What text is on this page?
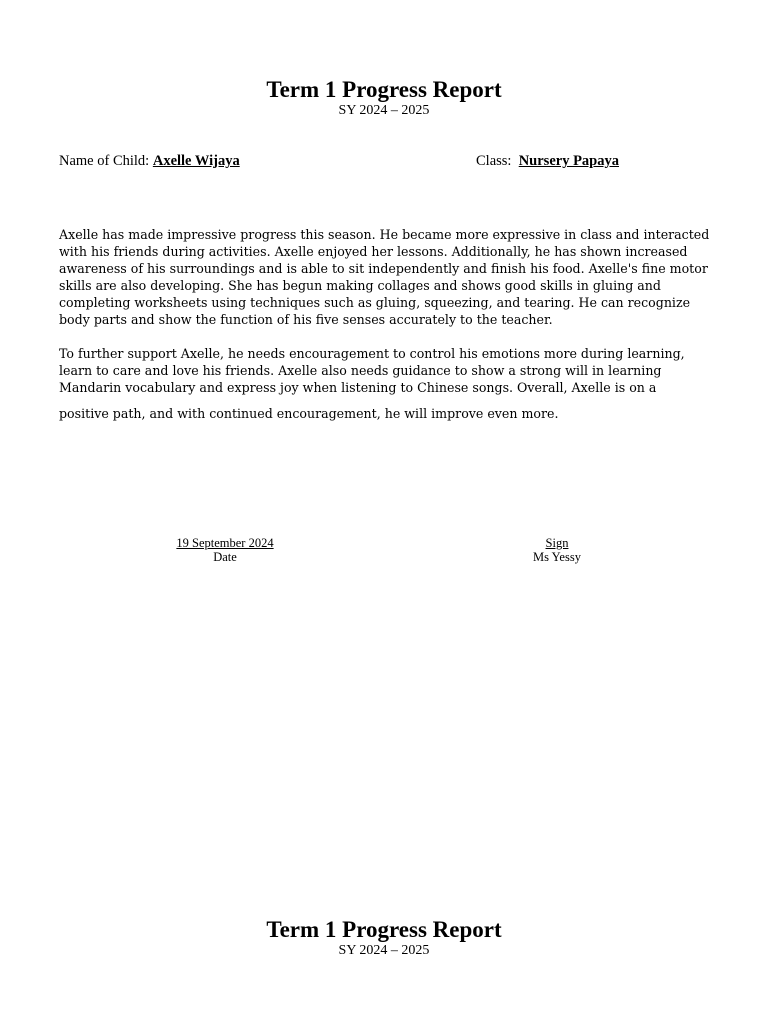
Term 1 Progress Report
SY 2024 – 2025
Name of Child: Axelle Wijaya	Class:  Nursery Papaya

Axelle has made impressive progress this season. He became more expressive in class and interacted with his friends during activities. Axelle enjoyed her lessons. Additionally, he has shown increased awareness of his surroundings and is able to sit independently and finish his food. Axelle's fine motor skills are also developing. She has begun making collages and shows good skills in gluing and completing worksheets using techniques such as gluing, squeezing, and tearing. He can recognize body parts and show the function of his five senses accurately to the teacher.

To further support Axelle, he needs encouragement to control his emotions more during learning, learn to care and love his friends. Axelle also needs guidance to show a strong will in learning Mandarin vocabulary and express joy when listening to Chinese songs. Overall, Axelle is on a
positive path, and with continued encouragement, he will improve even more.

19 September 2024
Date
Sign
Ms Yessy
Term 1 Progress Report
SY 2024 – 2025
